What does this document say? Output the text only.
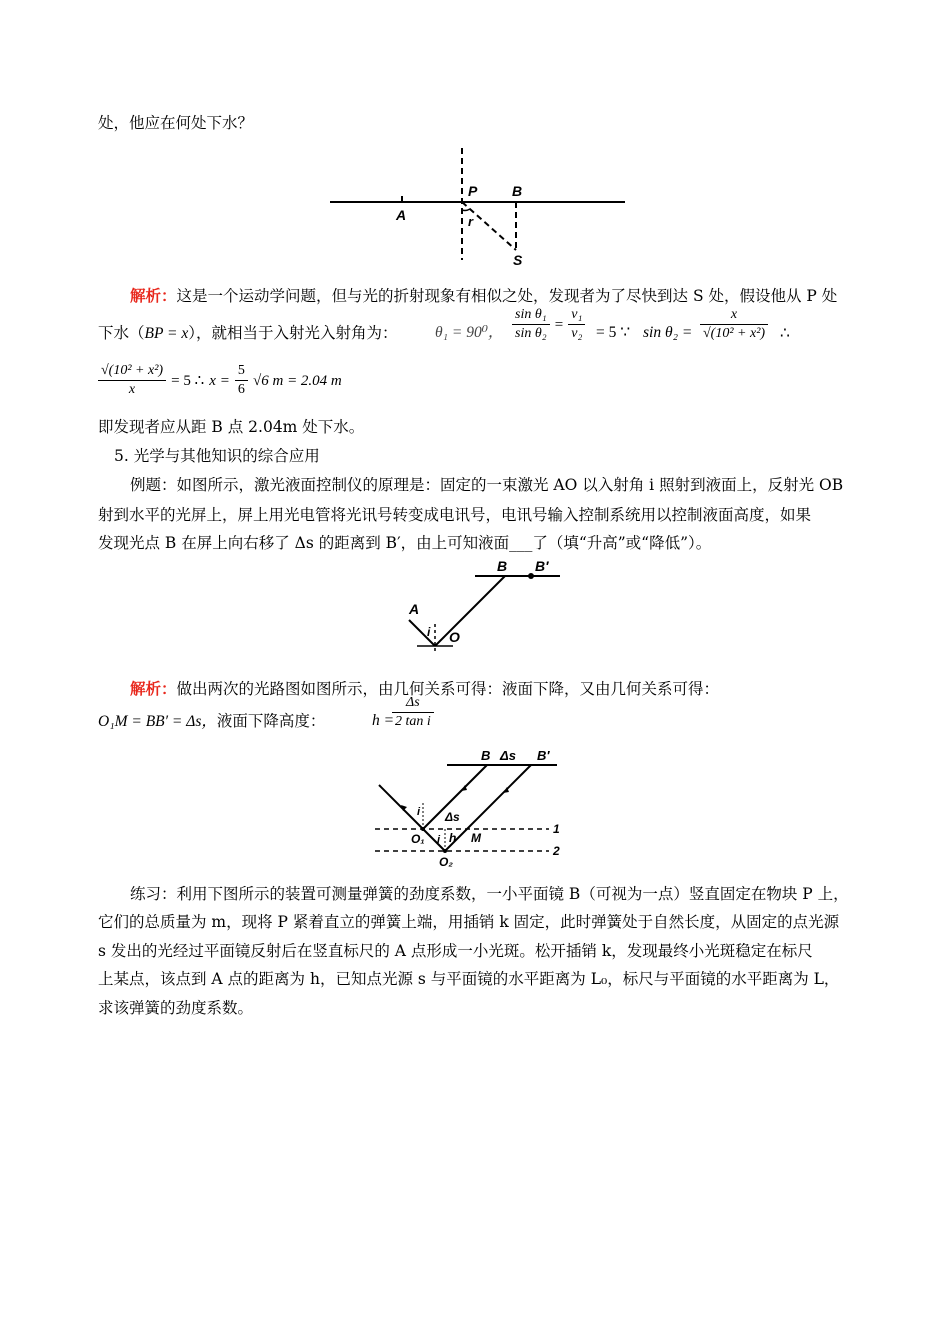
处，他应在何处下水？
A
P B
r
S
解析：这是一个运动学问题，但与光的折射现象有相似之处，发现者为了尽快到达 S 处，假设他从 P 处
下水（BP = x），就相当于入射光入射角为： θ₁ = 90⁰， $\frac{\text{sin θ₁}}{\text{sin θ₂}} = \frac{\text{v₁}}{\text{v₂}} = 5$ ∵ $\sin \theta_2 = \frac{x}{\text{√(10² + x²)}}$ ∴
$\frac{\text{√(10² + x²)}}{x} = 5$ ∴ $x = \frac{5}{6} √6$ m = 2.04 m
即发现者应从距 B 点 2.04m 处下水。
5. 光学与其他知识的综合应用
例题：如图所示，激光液面控制仪的原理是：固定的一束激光 AO 以入射角 i 照射到液面上，反射光 OB
射到水平的光屏上，屏上用光电管将光讯号转变成电讯号，电讯号输入控制系统用以控制液面高度，如果
发现光点 B 在屏上向右移了 Δs 的距离到 B′，由上可知液面___了（填“升高”或“降低”）。
B B′
A
i O
解析：做出两次的光路图如图所示，由几何关系可得：液面下降，又由几何关系可得：
O₁M = BB′ = Δs，液面下降高度：	h =
$\frac{\Delta s}{\text{2 tan i}}$
B Δs B′
i Δs
O₁ h M
i
O₂
1
2
练习：利用下图所示的装置可测量弹簧的劲度系数，一小平面镜 B（可视为一点）竖直固定在物块 P 上，
它们的总质量为 m，现将 P 紧着直立的弹簧上端，用插销 k 固定，此时弹簧处于自然长度，从固定的点光源
s 发出的光经过平面镜反射后在竖直标尺的 A 点形成一小光斑。松开插销 k，发现最终小光斑稳定在标尺
上某点，该点到 A 点的距离为 h，已知点光源 s 与平面镜的水平距离为 L₀，标尺与平面镜的水平距离为 L，
求该弹簧的劲度系数。
